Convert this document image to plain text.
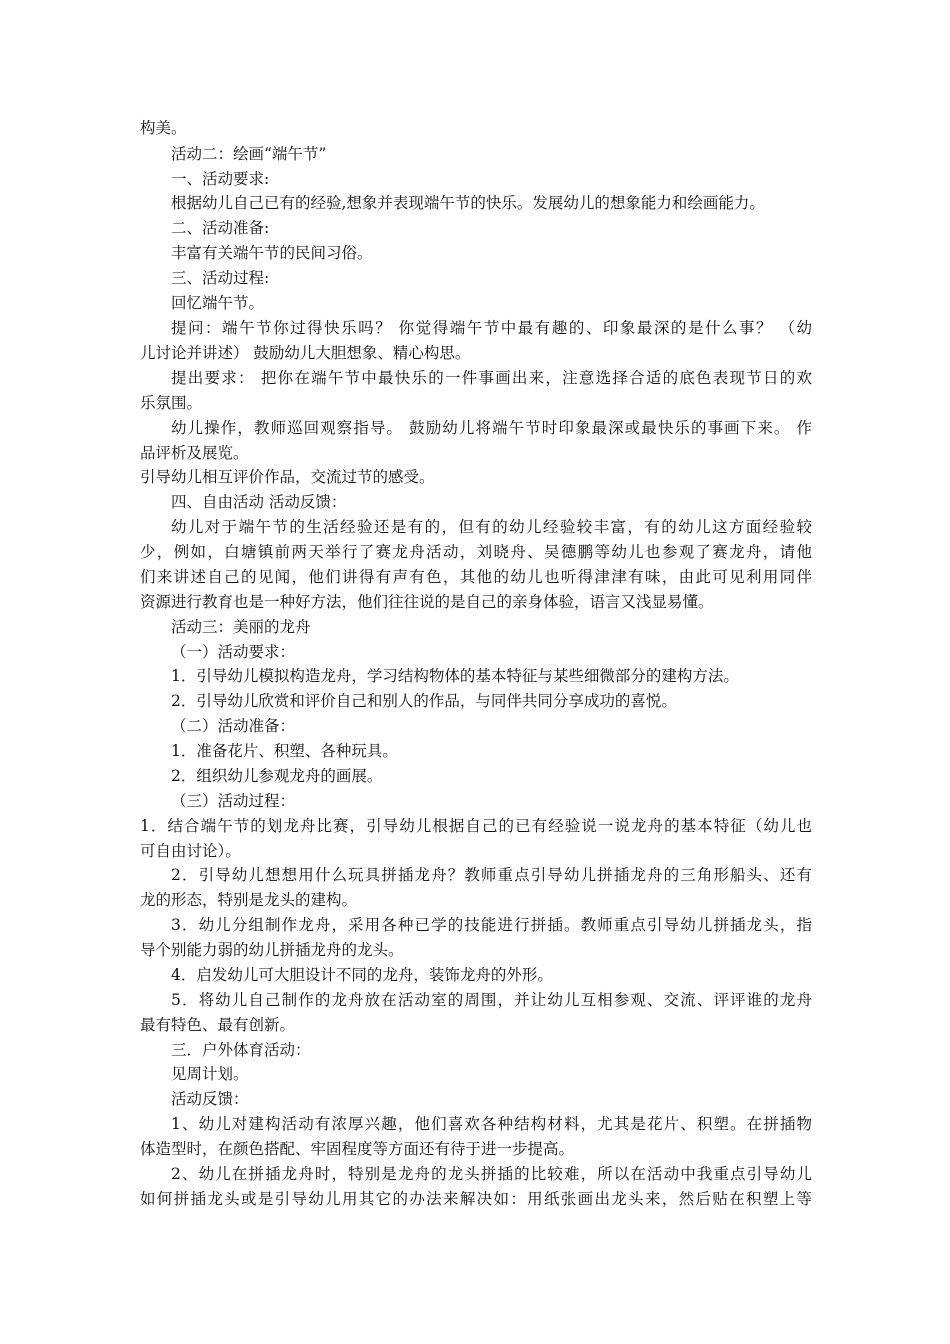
构美。
活动二：绘画“端午节”
一、活动要求:
根据幼儿自己已有的经验,想象并表现端午节的快乐。发展幼儿的想象能力和绘画能力。
二、活动准备:
丰富有关端午节的民间习俗。
三、活动过程:
回忆端午节。
提问：端午节你过得快乐吗？ 你觉得端午节中最有趣的、印象最深的是什么事？ （幼
儿讨论并讲述） 鼓励幼儿大胆想象、精心构思。
提出要求： 把你在端午节中最快乐的一件事画出来，注意选择合适的底色表现节日的欢
乐氛围。
幼儿操作，教师巡回观察指导。 鼓励幼儿将端午节时印象最深或最快乐的事画下来。 作
品评析及展览。
引导幼儿相互评价作品，交流过节的感受。
四、自由活动 活动反馈：
幼儿对于端午节的生活经验还是有的，但有的幼儿经验较丰富，有的幼儿这方面经验较
少，例如，白塘镇前两天举行了赛龙舟活动，刘晓舟、吴德鹏等幼儿也参观了赛龙舟，请他
们来讲述自己的见闻，他们讲得有声有色，其他的幼儿也听得津津有味，由此可见利用同伴
资源进行教育也是一种好方法，他们往往说的是自己的亲身体验，语言又浅显易懂。
活动三：美丽的龙舟
（一）活动要求：
1．引导幼儿模拟构造龙舟，学习结构物体的基本特征与某些细微部分的建构方法。
2．引导幼儿欣赏和评价自己和别人的作品，与同伴共同分享成功的喜悦。
（二）活动准备：
1．准备花片、积塑、各种玩具。
2．组织幼儿参观龙舟的画展。
（三）活动过程：
1．结合端午节的划龙舟比赛，引导幼儿根据自己的已有经验说一说龙舟的基本特征（幼儿也
可自由讨论）。
2．引导幼儿想想用什么玩具拼插龙舟？教师重点引导幼儿拼插龙舟的三角形船头、还有
龙的形态，特别是龙头的建构。
3．幼儿分组制作龙舟，采用各种已学的技能进行拼插。教师重点引导幼儿拼插龙头，指
导个别能力弱的幼儿拼插龙舟的龙头。
4．启发幼儿可大胆设计不同的龙舟，装饰龙舟的外形。
5．将幼儿自己制作的龙舟放在活动室的周围，并让幼儿互相参观、交流、评评谁的龙舟
最有特色、最有创新。
三．户外体育活动：
见周计划。
活动反馈：
1、幼儿对建构活动有浓厚兴趣，他们喜欢各种结构材料，尤其是花片、积塑。在拼插物
体造型时，在颜色搭配、牢固程度等方面还有待于进一步提高。
2、幼儿在拼插龙舟时，特别是龙舟的龙头拼插的比较难，所以在活动中我重点引导幼儿
如何拼插龙头或是引导幼儿用其它的办法来解决如：用纸张画出龙头来，然后贴在积塑上等
